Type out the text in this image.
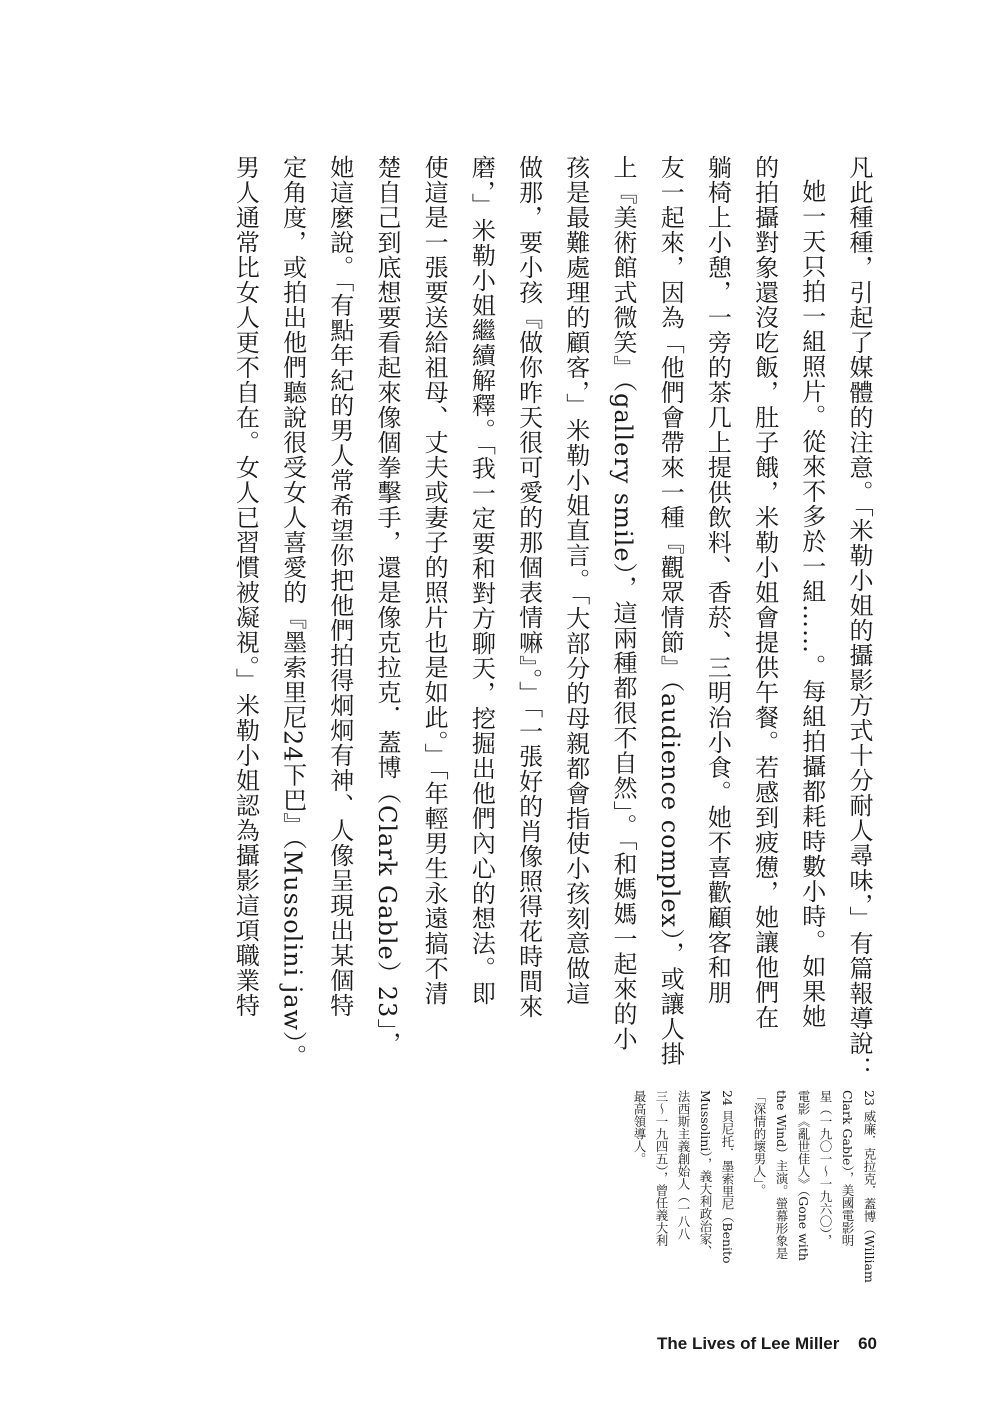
凡此種種，引起了媒體的注意。「米勒小姐的攝影方式十分耐人尋味，」有篇報導說：
她一天只拍一組照片。從來不多於一組……。每組拍攝都耗時數小時。如果她
的拍攝對象還沒吃飯，肚子餓，米勒小姐會提供午餐。若感到疲憊，她讓他們在
躺椅上小憩，一旁的茶几上提供飲料、香菸、三明治小食。她不喜歡顧客和朋
友一起來，因為「他們會帶來一種『觀眾情節』（audience complex），或讓人掛
上『美術館式微笑』（gallery smile），這兩種都很不自然」。「和媽媽一起來的小
孩是最難處理的顧客，」米勒小姐直言。「大部分的母親都會指使小孩刻意做這
做那，要小孩『做你昨天很可愛的那個表情嘛』。」「一張好的肖像照得花時間來
磨，」米勒小姐繼續解釋。「我一定要和對方聊天，挖掘出他們內心的想法。即
使這是一張要送給祖母、丈夫或妻子的照片也是如此。」「年輕男生永遠搞不清
楚自己到底想要看起來像個拳擊手，還是像克拉克．蓋博（Clark Gable）23」，
她這麼說。「有點年紀的男人常希望你把他們拍得炯炯有神、人像呈現出某個特
定角度，或拍出他們聽說很受女人喜愛的『墨索里尼24下巴』（Mussolini jaw）。
男人通常比女人更不自在。女人已習慣被凝視。」米勒小姐認為攝影這項職業特
23 威廉．克拉克．蓋博（William
Clark Gable），美國電影明
星（一九〇一～一九六〇），
電影《亂世佳人》（Gone with
the Wind）主演。螢幕形象是
「深情的壞男人」。
24 貝尼托．墨索里尼（Benito
Mussolini），義大利政治家、
法西斯主義創始人（一八八
三～一九四五），曾任義大利
最高領導人。
The Lives of Lee Miller 60
